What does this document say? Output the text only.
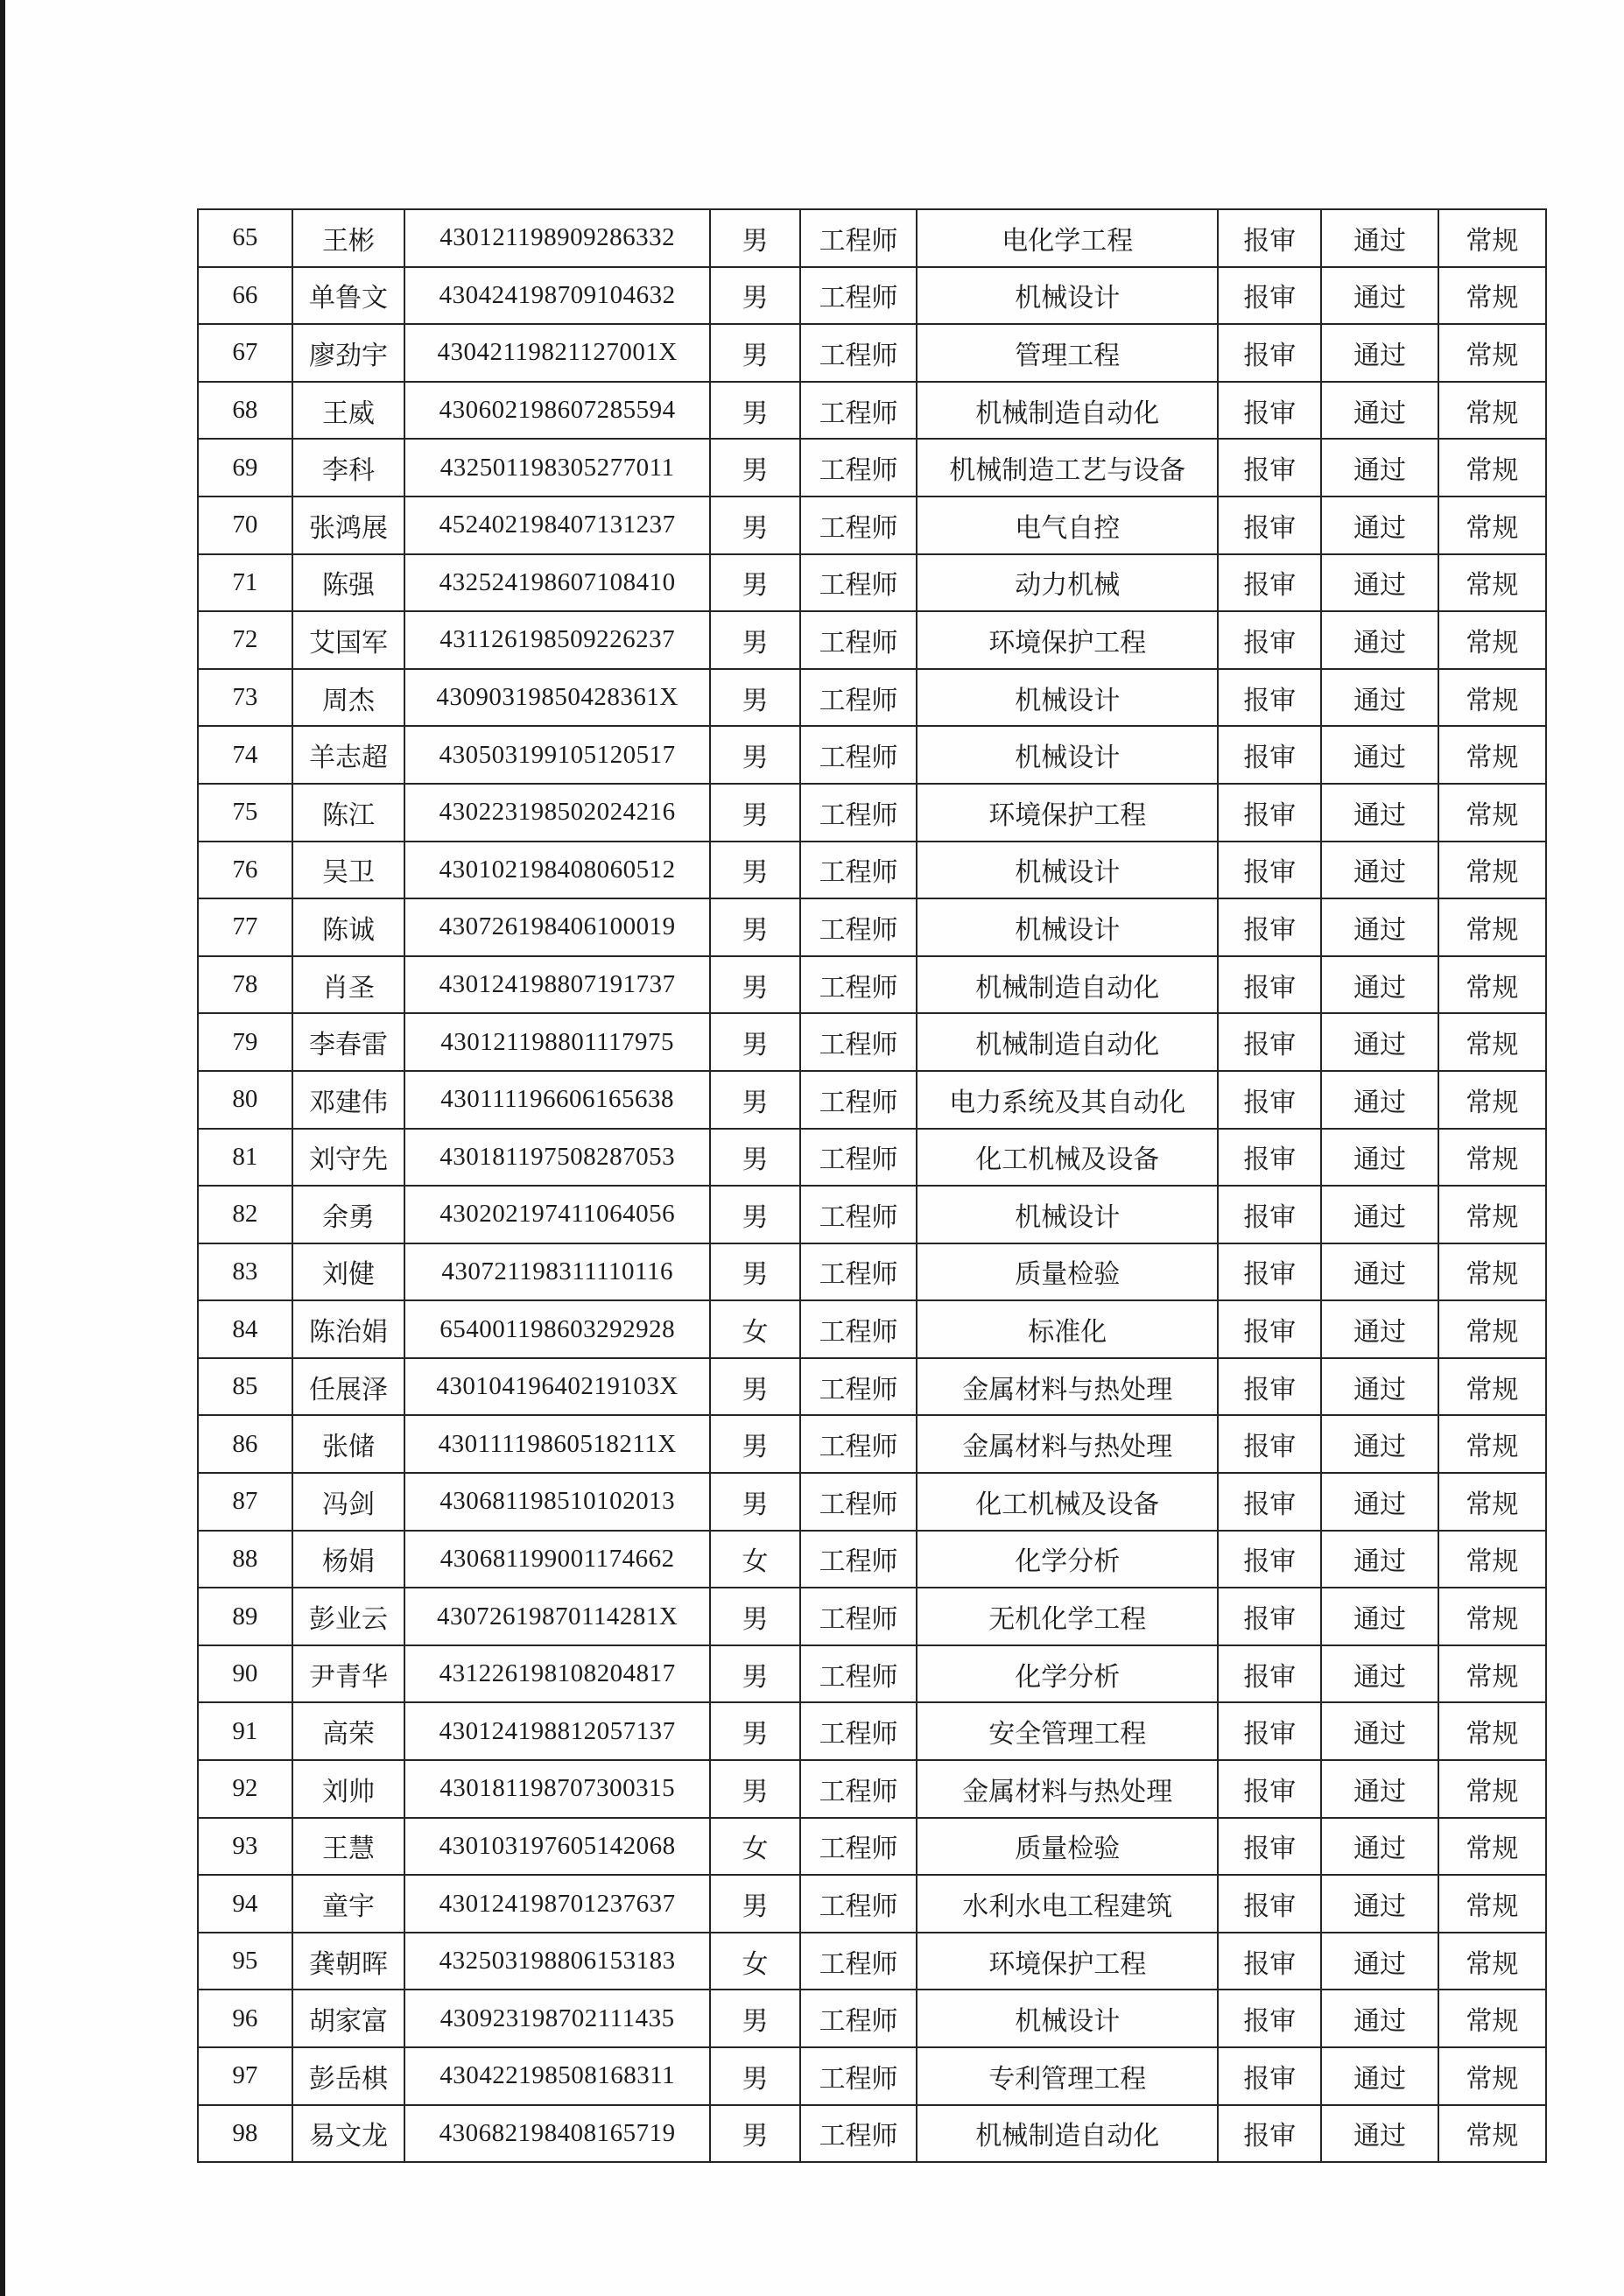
65	王彬	430121198909286332	男	工程师	电化学工程	报审	通过	常规
66	单鲁文	430424198709104632	男	工程师	机械设计	报审	通过	常规
67	廖劲宇	43042119821127001X	男	工程师	管理工程	报审	通过	常规
68	王威	430602198607285594	男	工程师	机械制造自动化	报审	通过	常规
69	李科	432501198305277011	男	工程师	机械制造工艺与设备	报审	通过	常规
70	张鸿展	452402198407131237	男	工程师	电气自控	报审	通过	常规
71	陈强	432524198607108410	男	工程师	动力机械	报审	通过	常规
72	艾国军	431126198509226237	男	工程师	环境保护工程	报审	通过	常规
73	周杰	43090319850428361X	男	工程师	机械设计	报审	通过	常规
74	羊志超	430503199105120517	男	工程师	机械设计	报审	通过	常规
75	陈江	430223198502024216	男	工程师	环境保护工程	报审	通过	常规
76	吴卫	430102198408060512	男	工程师	机械设计	报审	通过	常规
77	陈诚	430726198406100019	男	工程师	机械设计	报审	通过	常规
78	肖圣	430124198807191737	男	工程师	机械制造自动化	报审	通过	常规
79	李春雷	430121198801117975	男	工程师	机械制造自动化	报审	通过	常规
80	邓建伟	430111196606165638	男	工程师	电力系统及其自动化	报审	通过	常规
81	刘守先	430181197508287053	男	工程师	化工机械及设备	报审	通过	常规
82	余勇	430202197411064056	男	工程师	机械设计	报审	通过	常规
83	刘健	430721198311110116	男	工程师	质量检验	报审	通过	常规
84	陈治娟	654001198603292928	女	工程师	标准化	报审	通过	常规
85	任展泽	43010419640219103X	男	工程师	金属材料与热处理	报审	通过	常规
86	张储	43011119860518211X	男	工程师	金属材料与热处理	报审	通过	常规
87	冯剑	430681198510102013	男	工程师	化工机械及设备	报审	通过	常规
88	杨娟	430681199001174662	女	工程师	化学分析	报审	通过	常规
89	彭业云	43072619870114281X	男	工程师	无机化学工程	报审	通过	常规
90	尹青华	431226198108204817	男	工程师	化学分析	报审	通过	常规
91	高荣	430124198812057137	男	工程师	安全管理工程	报审	通过	常规
92	刘帅	430181198707300315	男	工程师	金属材料与热处理	报审	通过	常规
93	王慧	430103197605142068	女	工程师	质量检验	报审	通过	常规
94	童宇	430124198701237637	男	工程师	水利水电工程建筑	报审	通过	常规
95	龚朝晖	432503198806153183	女	工程师	环境保护工程	报审	通过	常规
96	胡家富	430923198702111435	男	工程师	机械设计	报审	通过	常规
97	彭岳棋	430422198508168311	男	工程师	专利管理工程	报审	通过	常规
98	易文龙	430682198408165719	男	工程师	机械制造自动化	报审	通过	常规
